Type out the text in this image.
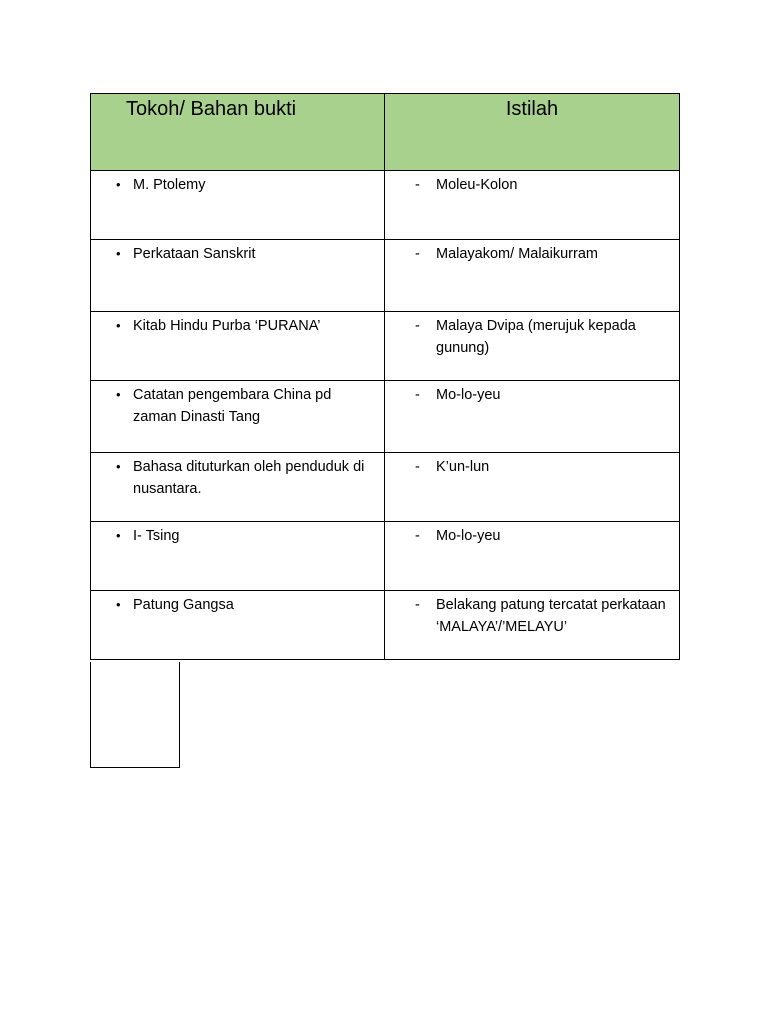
Tokoh/ Bahan bukti	Istilah

• M. Ptolemy	- Moleu-Kolon

• Perkataan Sanskrit	- Malayakom/ Malaikurram

• Kitab Hindu Purba ‘PURANA’	- Malaya Dvipa (merujuk kepada gunung)

• Catatan pengembara China pd zaman Dinasti Tang	- Mo-lo-yeu

• Bahasa dituturkan oleh penduduk di nusantara.	- K’un-lun

• I- Tsing	- Mo-lo-yeu

• Patung Gangsa	- Belakang patung tercatat perkataan ‘MALAYA’/’MELAYU’
